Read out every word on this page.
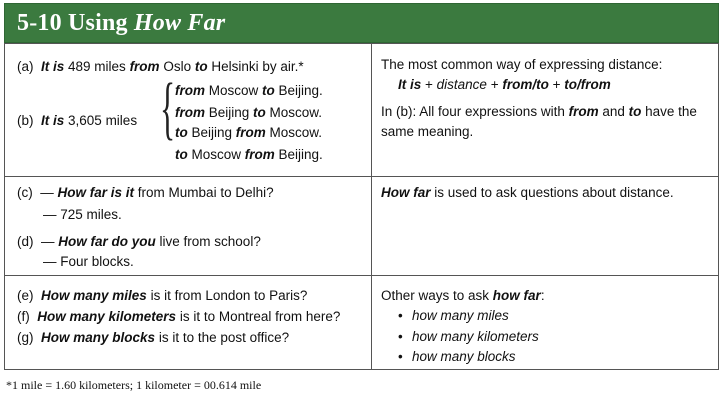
5-10 Using How Far
(a) It is 489 miles from Oslo to Helsinki by air.*
(b) It is 3,605 miles { from Moscow to Beijing.
from Beijing to Moscow.
to Beijing from Moscow.
to Moscow from Beijing.
The most common way of expressing distance:
It is + distance + from/to + to/from
In (b): All four expressions with from and to have the
same meaning.
(c) — How far is it from Mumbai to Delhi?
— 725 miles.
(d) — How far do you live from school?
— Four blocks.
How far is used to ask questions about distance.
(e) How many miles is it from London to Paris?
(f) How many kilometers is it to Montreal from here?
(g) How many blocks is it to the post office?
Other ways to ask how far:
• how many miles
• how many kilometers
• how many blocks
*1 mile = 1.60 kilometers; 1 kilometer = 00.614 mile
